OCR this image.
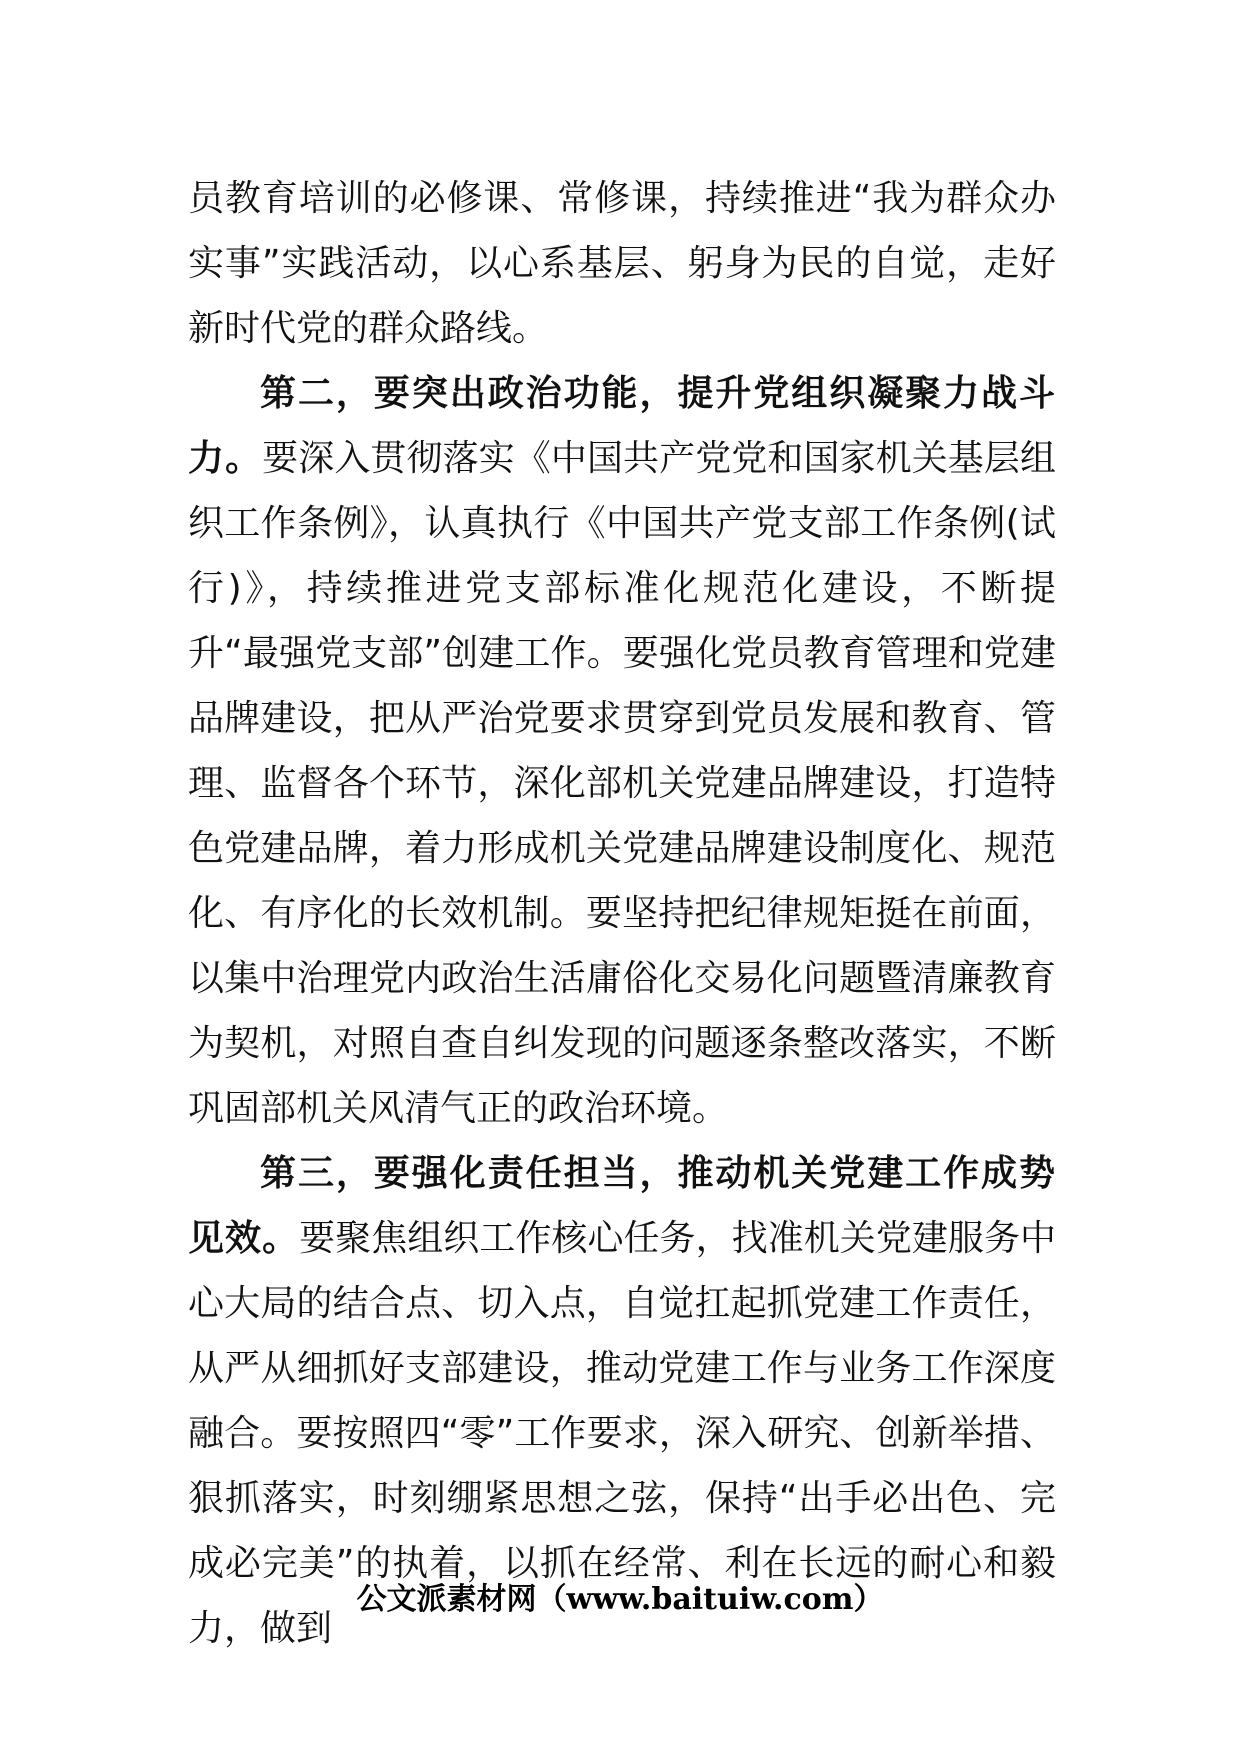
员教育培训的必修课、常修课，持续推进“我为群众办实事”实践活动，以心系基层、躬身为民的自觉，走好新时代党的群众路线。

第二，要突出政治功能，提升党组织凝聚力战斗力。要深入贯彻落实《中国共产党党和国家机关基层组织工作条例》，认真执行《中国共产党支部工作条例(试行)》，持续推进党支部标准化规范化建设，不断提升“最强党支部”创建工作。要强化党员教育管理和党建品牌建设，把从严治党要求贯穿到党员发展和教育、管理、监督各个环节，深化部机关党建品牌建设，打造特色党建品牌，着力形成机关党建品牌建设制度化、规范化、有序化的长效机制。要坚持把纪律规矩挺在前面，以集中治理党内政治生活庸俗化交易化问题暨清廉教育为契机，对照自查自纠发现的问题逐条整改落实，不断巩固部机关风清气正的政治环境。

第三，要强化责任担当，推动机关党建工作成势见效。要聚焦组织工作核心任务，找准机关党建服务中心大局的结合点、切入点，自觉扛起抓党建工作责任，从严从细抓好支部建设，推动党建工作与业务工作深度融合。要按照四“零”工作要求，深入研究、创新举措、狠抓落实，时刻绷紧思想之弦，保持“出手必出色、完成必完美”的执着，以抓在经常、利在长远的耐心和毅力，做到

公文派素材网（www.baituiw.com）
